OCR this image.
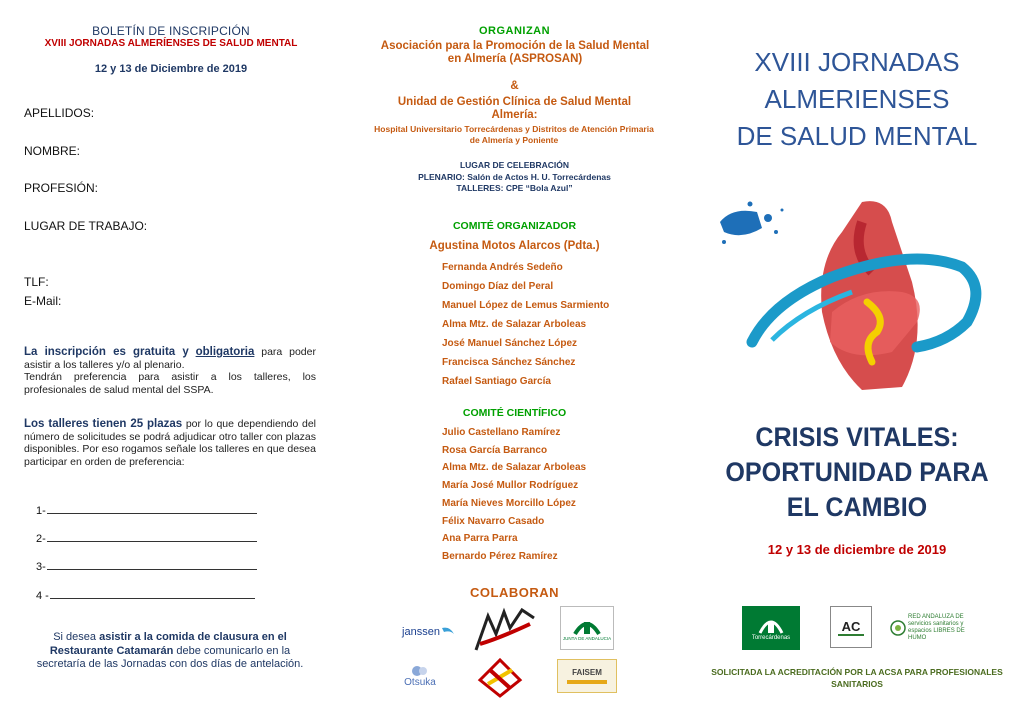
BOLETÍN DE INSCRIPCIÓN
XVIII JORNADAS ALMERÍENSES DE SALUD MENTAL
12 y 13 de Diciembre de 2019
APELLIDOS:
NOMBRE:
PROFESIÓN:
LUGAR DE TRABAJO:
TLF:
E-Mail:
La inscripción es gratuita y obligatoria para poder asistir a los talleres y/o al plenario.
Tendrán preferencia para asistir a los talleres, los profesionales de salud mental del SSPA.
Los talleres tienen 25 plazas por lo que dependiendo del número de solicitudes se podrá adjudicar otro taller con plazas disponibles. Por eso rogamos señale los talleres en que desea participar en orden de preferencia:
1-
2-
3-
4 -
Si desea asistir a la comida de clausura en el Restaurante Catamarán debe comunicarlo en la secretaría de las Jornadas con dos días de antelación.
ORGANIZAN
Asociación para la Promoción de la Salud Mental en Almería (ASPROSAN)
&
Unidad de Gestión Clínica de Salud Mental Almería:
Hospital Universitario Torrecárdenas y Distritos de Atención Primaria de Almería y Poniente
LUGAR DE CELEBRACIÓN
PLENARIO: Salón de Actos H. U. Torrecárdenas
TALLERES: CPE “Bola Azul”
COMITÉ ORGANIZADOR
Agustina Motos Alarcos (Pdta.)
Fernanda Andrés Sedeño
Domingo Díaz del Peral
Manuel López de Lemus Sarmiento
Alma Mtz. de Salazar Arboleas
José Manuel Sánchez López
Francisca Sánchez Sánchez
Rafael Santiago García
COMITÉ CIENTÍFICO
Julio Castellano Ramírez
Rosa García Barranco
Alma Mtz. de Salazar Arboleas
María José Mullor Rodríguez
María Nieves Morcillo López
Félix Navarro Casado
Ana Parra Parra
Bernardo Pérez Ramírez
COLABORAN
janssen	JUNTA DE ANDALUCIA
Otsuka
FAISEM
XVIII JORNADAS
ALMERIENSES
DE SALUD MENTAL
CRISIS VITALES:
OPORTUNIDAD PARA
EL CAMBIO
12 y 13 de diciembre de 2019
SOLICITADA LA ACREDITACIÓN POR LA ACSA PARA PROFESIONALES SANITARIOS
Torrecárdenas
AC
RED ANDALUZA DE servicios sanitarios y espacios LIBRES DE HUMO
